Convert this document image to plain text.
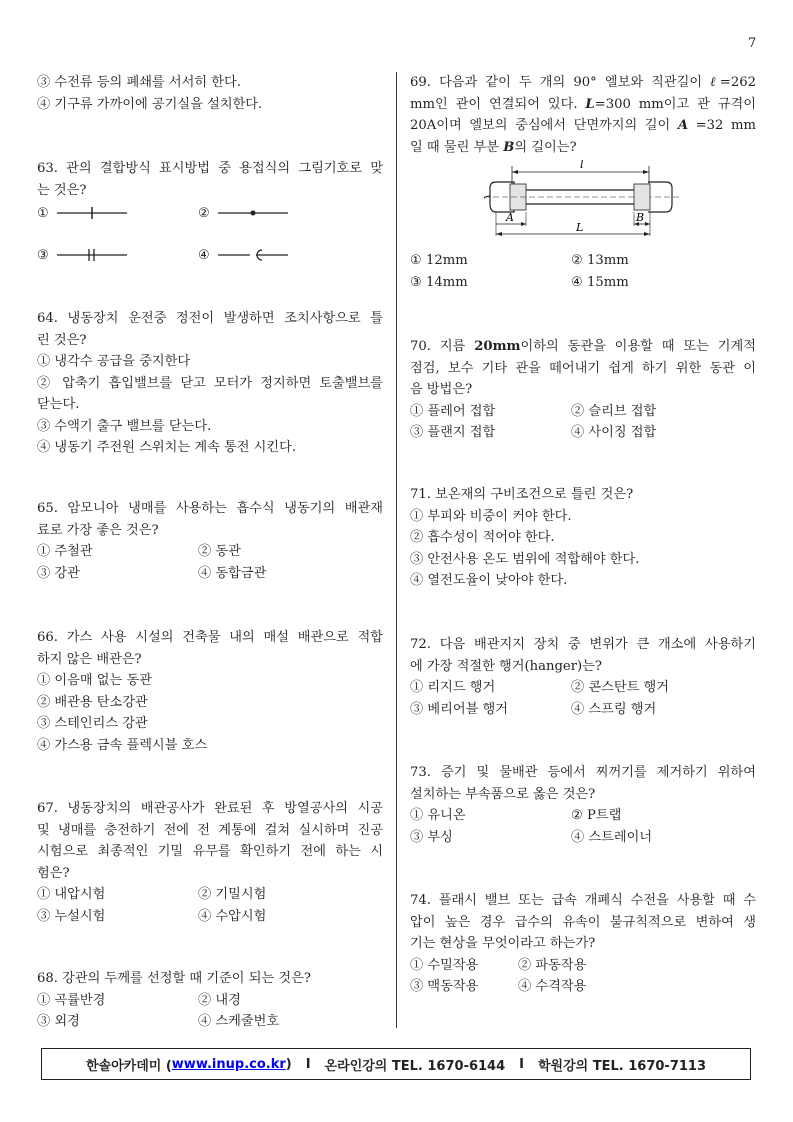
7
③ 수전류 등의 폐쇄를 서서히 한다.
④ 기구류 가까이에 공기실을 설치한다.
63. 관의 결합방식 표시방법 중 용접식의 그림기호로 맞
는 것은?
①	②
③	④
64. 냉동장치 운전중 정전이 발생하면 조치사항으로 틀
린 것은?
① 냉각수 공급을 중지한다
② 압축기 흡입밸브를 닫고 모터가 정지하면 토출밸브를
닫는다.
③ 수액기 출구 밸브를 닫는다.
④ 냉동기 주전원 스위치는 계속 통전 시킨다.
65. 암모니아 냉매를 사용하는 흡수식 냉동기의 배관재
료로 가장 좋은 것은?
① 주철관	② 동관
③ 강관	④ 동합금관
66. 가스 사용 시설의 건축물 내의 매설 배관으로 적합
하지 않은 배관은?
① 이음매 없는 동관
② 배관용 탄소강관
③ 스테인리스 강관
④ 가스용 금속 플렉시블 호스
67. 냉동장치의 배관공사가 완료된 후 방열공사의 시공
및 냉매를 충전하기 전에 전 계통에 걸쳐 실시하며 진공
시험으로 최종적인 기밀 유무를 확인하기 전에 하는 시
험은?
① 내압시험	② 기밀시험
③ 누설시험	④ 수압시험
68. 강관의 두께를 선정할 때 기준이 되는 것은?
① 곡률반경	② 내경
③ 외경	④ 스케줄번호
69. 다음과 같이 두 개의 90° 엘보와 직관길이 ℓ=262
mm인 관이 연결되어 있다. L=300 mm이고 관 규격이
20A이며 엘보의 중심에서 단면까지의 길이 A =32 mm
일 때 물린 부분 B의 길이는?
l
A	B
L
① 12mm	② 13mm
③ 14mm	④ 15mm
70. 지름 20mm이하의 동관을 이용할 때 또는 기계적
점검, 보수 기타 관을 떼어내기 쉽게 하기 위한 동관 이
음 방법은?
① 플레어 접합	② 슬리브 접합
③ 플랜지 접합	④ 사이징 접합
71. 보온재의 구비조건으로 틀린 것은?
① 부피와 비중이 커야 한다.
② 흡수성이 적어야 한다.
③ 안전사용 온도 범위에 적합해야 한다.
④ 열전도율이 낮아야 한다.
72. 다음 배관지지 장치 중 변위가 큰 개소에 사용하기
에 가장 적절한 행거(hanger)는?
① 리지드 행거	② 콘스탄트 행거
③ 베리어블 행거	④ 스프링 행거
73. 증기 및 물배관 등에서 찌꺼기를 제거하기 위하여
설치하는 부속품으로 옳은 것은?
① 유니온	② P트랩
③ 부싱	④ 스트레이너
74. 플래시 밸브 또는 급속 개폐식 수전을 사용할 때 수
압이 높은 경우 급수의 유속이 불규칙적으로 변하여 생
기는 현상을 무엇이라고 하는가?
① 수밀작용	② 파동작용
③ 맥동작용	④ 수격작용
한솔아카데미 ( www.inup.co.kr ) I 온라인강의 TEL. 1670-6144 I 학원강의 TEL. 1670-7113
